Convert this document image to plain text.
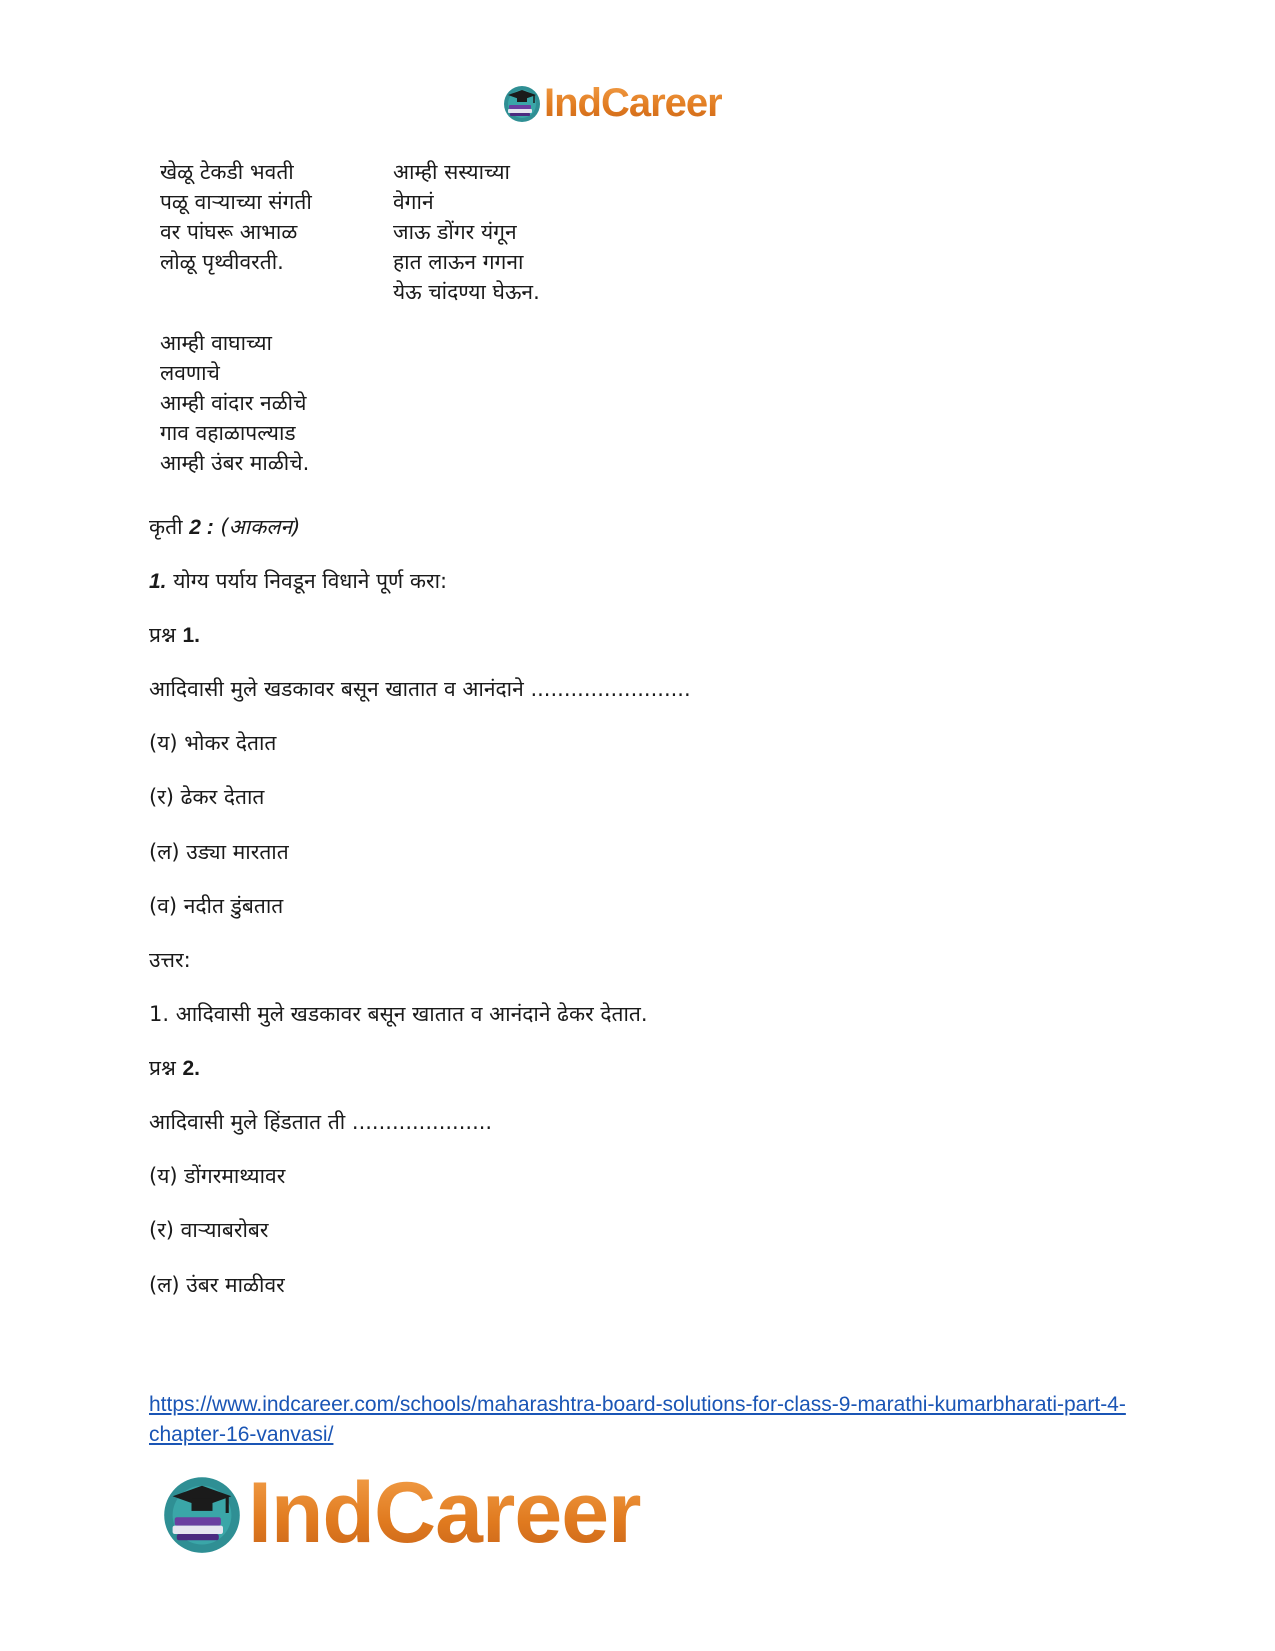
IndCareer
खेळू टेकडी भवती
पळू वाऱ्याच्या संगती
वर पांघरू आभाळ
लोळू पृथ्वीवरती.
आम्ही सस्याच्या
वेगानं
जाऊ डोंगर यंगून
हात लाऊन गगना
येऊ चांदण्या घेऊन.
आम्ही वाघाच्या
लवणाचे
आम्ही वांदार नळीचे
गाव वहाळापल्याड
आम्ही उंबर माळीचे.
कृती 2 : (आकलन)
1. योग्य पर्याय निवडून विधाने पूर्ण करा:
प्रश्न 1.
आदिवासी मुले खडकावर बसून खातात व आनंदाने ........................
(य) भोकर देतात
(र) ढेकर देतात
(ल) उड्या मारतात
(व) नदीत डुंबतात
उत्तर:
1. आदिवासी मुले खडकावर बसून खातात व आनंदाने ढेकर देतात.
प्रश्न 2.
आदिवासी मुले हिंडतात ती .....................
(य) डोंगरमाथ्यावर
(र) वाऱ्याबरोबर
(ल) उंबर माळीवर
https://www.indcareer.com/schools/maharashtra-board-solutions-for-class-9-marathi-kumarbharati-part-4-chapter-16-vanvasi/
IndCareer
